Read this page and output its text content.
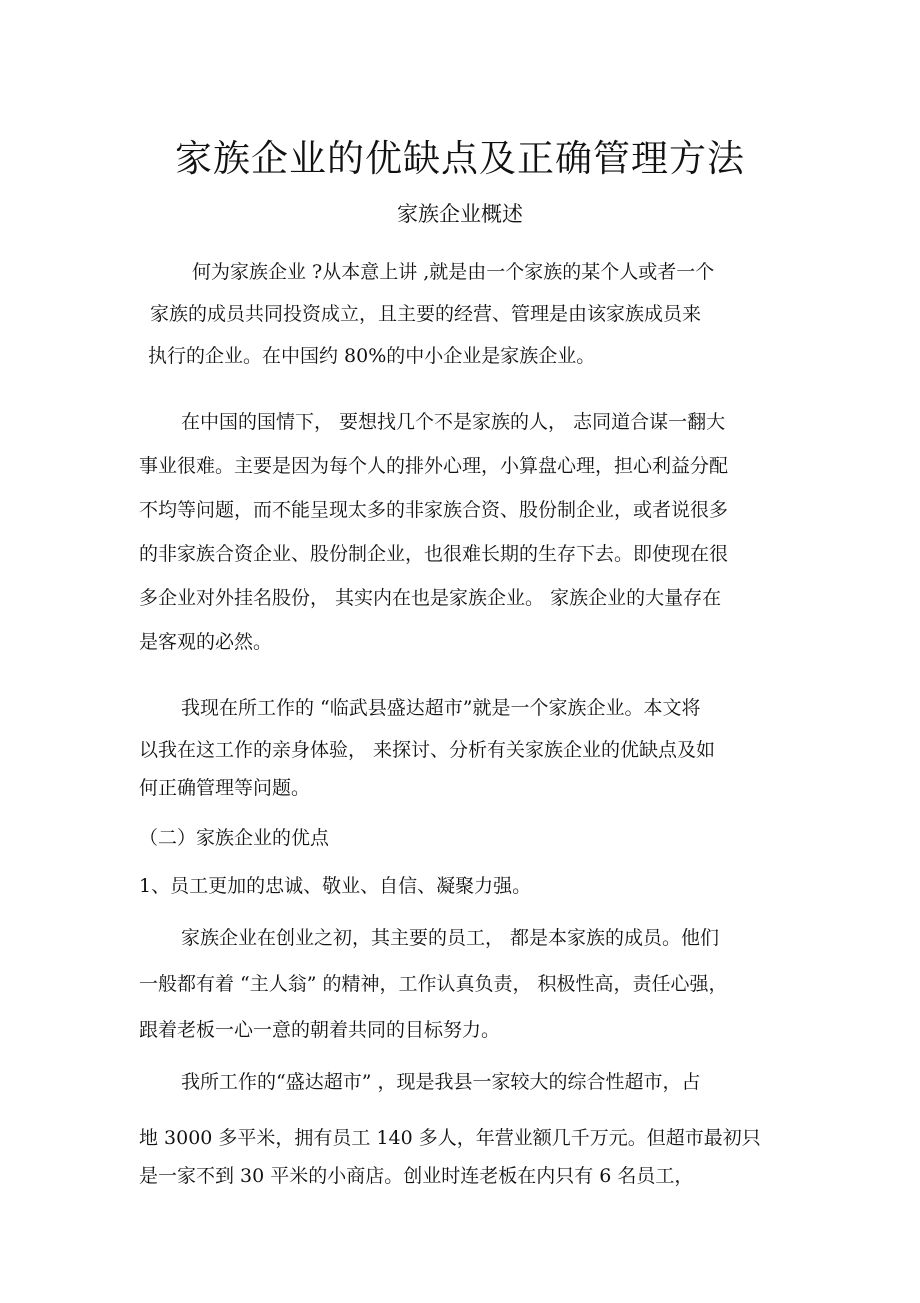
家族企业的优缺点及正确管理方法
家族企业概述
何为家族企业 ?从本意上讲 ,就是由一个家族的某个人或者一个
家族的成员共同投资成立，且主要的经营、管理是由该家族成员来
执行的企业。在中国约 80%的中小企业是家族企业。
在中国的国情下， 要想找几个不是家族的人， 志同道合谋一翻大
事业很难。主要是因为每个人的排外心理，小算盘心理，担心利益分配
不均等问题，而不能呈现太多的非家族合资、股份制企业，或者说很多
的非家族合资企业、股份制企业，也很难长期的生存下去。即使现在很
多企业对外挂名股份， 其实内在也是家族企业。 家族企业的大量存在
是客观的必然。
我现在所工作的 “临武县盛达超市”就是一个家族企业。本文将
以我在这工作的亲身体验， 来探讨、分析有关家族企业的优缺点及如
何正确管理等问题。
（二）家族企业的优点
1、员工更加的忠诚、敬业、自信、凝聚力强。
家族企业在创业之初，其主要的员工， 都是本家族的成员。他们
一般都有着 “主人翁” 的精神，工作认真负责， 积极性高，责任心强，
跟着老板一心一意的朝着共同的目标努力。
我所工作的“盛达超市” ，现是我县一家较大的综合性超市，占
地 3000 多平米，拥有员工 140 多人，年营业额几千万元。但超市最初只
是一家不到 30 平米的小商店。创业时连老板在内只有 6 名员工，
